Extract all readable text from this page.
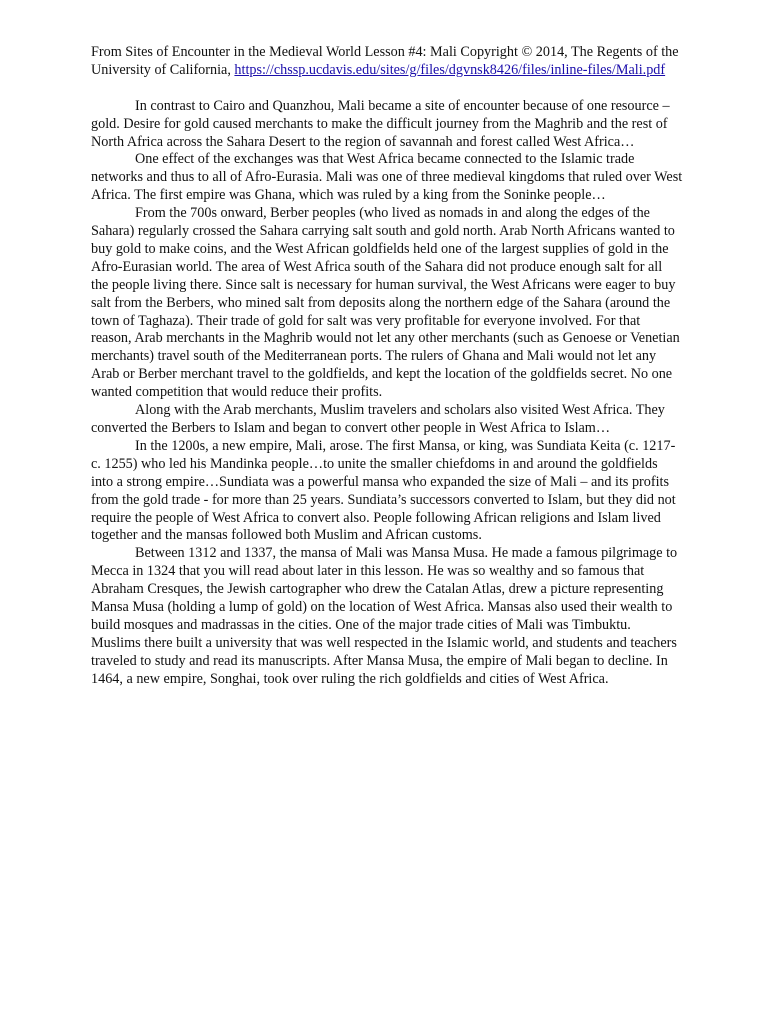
From Sites of Encounter in the Medieval World Lesson #4: Mali Copyright © 2014, The Regents of the University of California, https://chssp.ucdavis.edu/sites/g/files/dgvnsk8426/files/inline-files/Mali.pdf

In contrast to Cairo and Quanzhou, Mali became a site of encounter because of one resource – gold. Desire for gold caused merchants to make the difficult journey from the Maghrib and the rest of North Africa across the Sahara Desert to the region of savannah and forest called West Africa…

One effect of the exchanges was that West Africa became connected to the Islamic trade networks and thus to all of Afro-Eurasia. Mali was one of three medieval kingdoms that ruled over West Africa. The first empire was Ghana, which was ruled by a king from the Soninke people…

From the 700s onward, Berber peoples (who lived as nomads in and along the edges of the Sahara) regularly crossed the Sahara carrying salt south and gold north. Arab North Africans wanted to buy gold to make coins, and the West African goldfields held one of the largest supplies of gold in the Afro-Eurasian world. The area of West Africa south of the Sahara did not produce enough salt for all the people living there. Since salt is necessary for human survival, the West Africans were eager to buy salt from the Berbers, who mined salt from deposits along the northern edge of the Sahara (around the town of Taghaza). Their trade of gold for salt was very profitable for everyone involved. For that reason, Arab merchants in the Maghrib would not let any other merchants (such as Genoese or Venetian merchants) travel south of the Mediterranean ports. The rulers of Ghana and Mali would not let any Arab or Berber merchant travel to the goldfields, and kept the location of the goldfields secret. No one wanted competition that would reduce their profits.

Along with the Arab merchants, Muslim travelers and scholars also visited West Africa. They converted the Berbers to Islam and began to convert other people in West Africa to Islam…

In the 1200s, a new empire, Mali, arose. The first Mansa, or king, was Sundiata Keita (c. 1217-c. 1255) who led his Mandinka people…to unite the smaller chiefdoms in and around the goldfields into a strong empire…Sundiata was a powerful mansa who expanded the size of Mali – and its profits from the gold trade - for more than 25 years. Sundiata’s successors converted to Islam, but they did not require the people of West Africa to convert also. People following African religions and Islam lived together and the mansas followed both Muslim and African customs.

Between 1312 and 1337, the mansa of Mali was Mansa Musa. He made a famous pilgrimage to Mecca in 1324 that you will read about later in this lesson. He was so wealthy and so famous that Abraham Cresques, the Jewish cartographer who drew the Catalan Atlas, drew a picture representing Mansa Musa (holding a lump of gold) on the location of West Africa. Mansas also used their wealth to build mosques and madrassas in the cities. One of the major trade cities of Mali was Timbuktu. Muslims there built a university that was well respected in the Islamic world, and students and teachers traveled to study and read its manuscripts. After Mansa Musa, the empire of Mali began to decline. In 1464, a new empire, Songhai, took over ruling the rich goldfields and cities of West Africa.
